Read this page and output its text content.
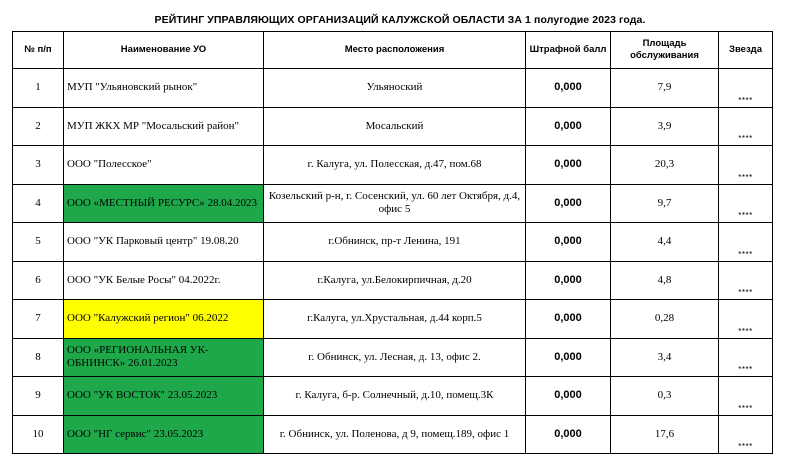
РЕЙТИНГ УПРАВЛЯЮЩИХ ОРГАНИЗАЦИЙ КАЛУЖСКОЙ ОБЛАСТИ ЗА 1 полугодие 2023 года.
№ п/п	Наименование УО	Место расположения	Штрафной балл	Площадь обслуживания	Звезда
1	МУП "Ульяновский рынок"	Ульяноский	0,000	7,9	****
2	МУП ЖКХ МР "Мосальский район"	Мосальский	0,000	3,9	****
3	ООО "Полесское"	г. Калуга, ул. Полесская, д.47, пом.68	0,000	20,3	****
4	ООО «МЕСТНЫЙ РЕСУРС» 28.04.2023	Козельский р-н, г. Сосенский, ул. 60 лет Октября, д.4, офис 5	0,000	9,7	****
5	ООО "УК Парковый центр" 19.08.20	г.Обнинск, пр-т Ленина, 191	0,000	4,4	****
6	ООО "УК Белые Росы" 04.2022г.	г.Калуга, ул.Белокирпичная, д.20	0,000	4,8	****
7	ООО "Калужский регион" 06.2022	г.Калуга, ул.Хрустальная, д.44 корп.5	0,000	0,28	****
8	ООО «РЕГИОНАЛЬНАЯ УК-ОБНИНСК» 26.01.2023	г. Обнинск, ул. Лесная, д. 13, офис 2.	0,000	3,4	****
9	ООО "УК ВОСТОК" 23.05.2023	г. Калуга, б-р. Солнечный, д.10, помещ.3К	0,000	0,3	****
10	ООО "НГ сервис" 23.05.2023	г. Обнинск, ул. Поленова, д 9, помещ.189, офис 1	0,000	17,6	****
